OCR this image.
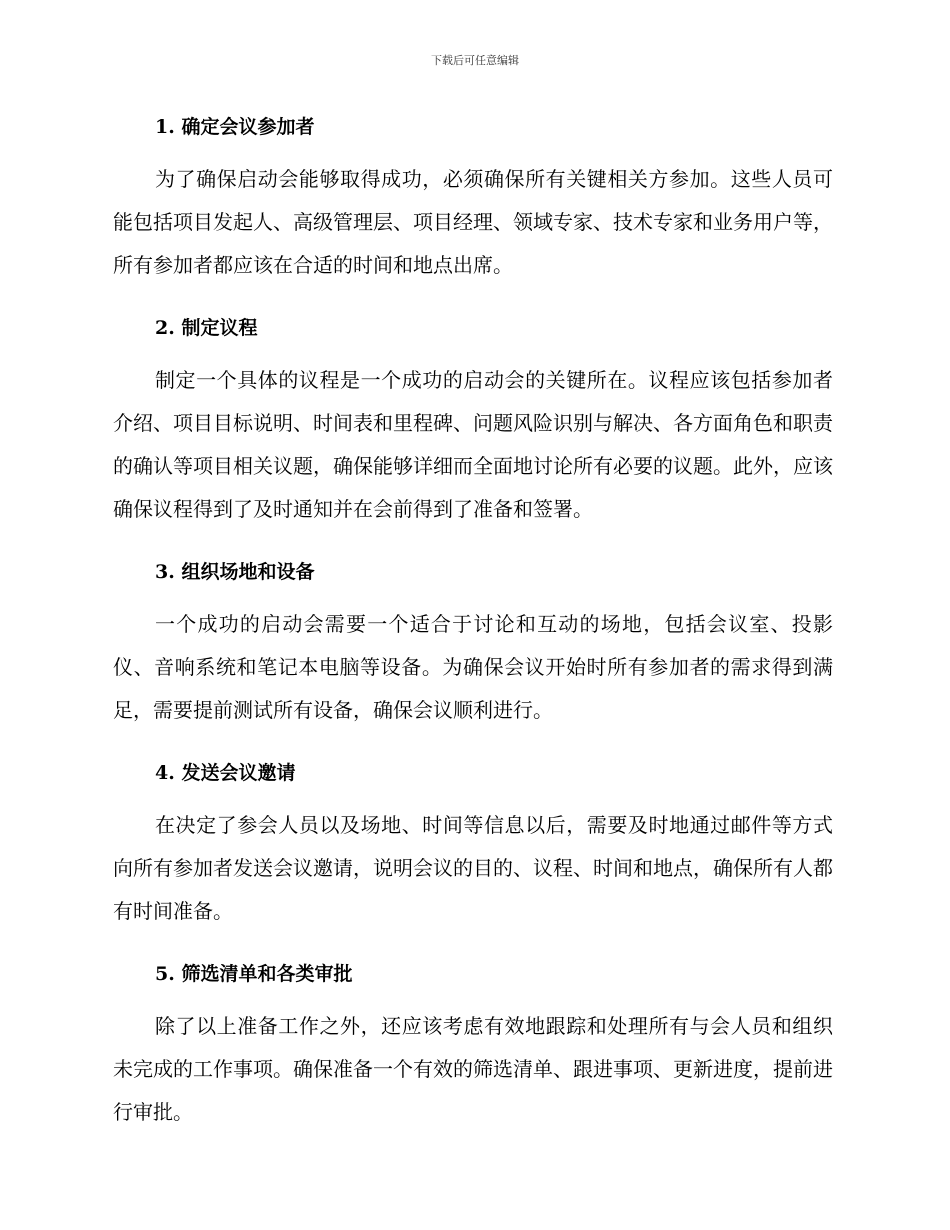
下载后可任意编辑
1. 确定会议参加者

为了确保启动会能够取得成功，必须确保所有关键相关方参加。这些人员可能包括项目发起人、高级管理层、项目经理、领域专家、技术专家和业务用户等，所有参加者都应该在合适的时间和地点出席。

2. 制定议程

制定一个具体的议程是一个成功的启动会的关键所在。议程应该包括参加者介绍、项目目标说明、时间表和里程碑、问题风险识别与解决、各方面角色和职责的确认等项目相关议题，确保能够详细而全面地讨论所有必要的议题。此外，应该确保议程得到了及时通知并在会前得到了准备和签署。

3. 组织场地和设备

一个成功的启动会需要一个适合于讨论和互动的场地，包括会议室、投影仪、音响系统和笔记本电脑等设备。为确保会议开始时所有参加者的需求得到满足，需要提前测试所有设备，确保会议顺利进行。

4. 发送会议邀请

在决定了参会人员以及场地、时间等信息以后，需要及时地通过邮件等方式向所有参加者发送会议邀请，说明会议的目的、议程、时间和地点，确保所有人都有时间准备。

5. 筛选清单和各类审批

除了以上准备工作之外，还应该考虑有效地跟踪和处理所有与会人员和组织未完成的工作事项。确保准备一个有效的筛选清单、跟进事项、更新进度，提前进行审批。
